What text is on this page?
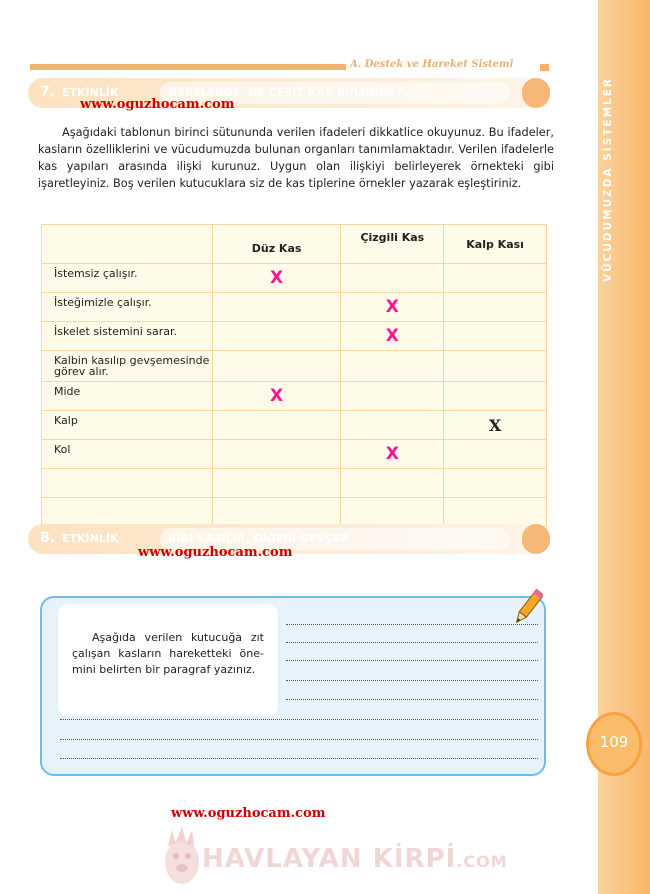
VÜCUDUMUZDA SİSTEMLER
109
A. Destek ve Hareket Sistemi
7. ETKİNLİK	NERELERDE, NE ÇEŞİT KAS BULUNUR?
www.oguzhocam.com
Aşağıdaki tablonun birinci sütununda verilen ifadeleri dikkatlice okuyunuz. Bu ifadeler, kasların özelliklerini ve vücudumuzda bulunan organları tanımlamaktadır. Verilen ifadelerle kas yapıları arasında ilişki kurunuz. Uygun olan ilişkiyi belirleyerek örnekteki gibi işaretleyiniz. Boş verilen kutucuklara siz de kas tiplerine örnekler yazarak eşleştiriniz.
	Düz Kas	Çizgili Kas	Kalp Kası
İstemsiz çalışır.	X		
İsteğimizle çalışır.		X	
İskelet sistemini sarar.		X	
Kalbin kasılıp gevşemesinde görev alır.			
Mide	X		
Kalp			X
Kol		X	

8. ETKİNLİK	BİRİ KASILIR, DİĞERİ GEVŞER
www.oguzhocam.com
Aşağıda verilen kutucuğa zıt çalışan kasların hareketteki öne-mini belirten bir paragraf yazınız.
www.oguzhocam.com
HAVLAYAN KİRPİ.COM
